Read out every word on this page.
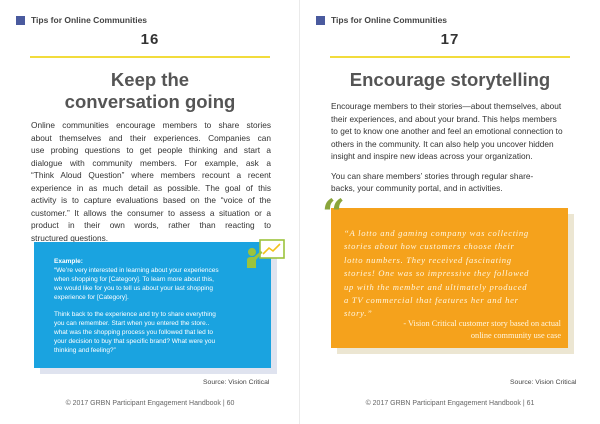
Tips for Online Communities
16
Keep the
conversation going
Online communities encourage members to share stories
about themselves and their experiences. Companies can
use probing questions to get people thinking and start a
dialogue with community members. For example, ask a
“Think Aloud Question” where members recount a recent
experience in as much detail as possible. The goal of this
activity is to capture evaluations based on the “voice of the
customer.” It allows the consumer to assess a situation or a
product in their own words, rather than reacting to
structured questions.
Example:

“We’re very interested in learning about your experiences
when shopping for [Category]. To learn more about this,
we would like for you to tell us about your last shopping
experience for [Category].

Think back to the experience and try to share everything
you can remember. Start when you entered the store..
what was the shopping process you followed that led to
your decision to buy that specific brand? What were you
thinking and feeling?”

Source: Vision Critical
© 2017 GRBN Participant Engagement Handbook | 60
Tips for Online Communities
17
Encourage storytelling
Encourage members to their stories—about themselves, about
their experiences, and about your brand. This helps members
to get to know one another and feel an emotional connection to
others in the community. It can also help you uncover hidden
insight and inspire new ideas across your organization.
You can share members’ stories through regular share-
backs, your community portal, and in activities.
“
“A lotto and gaming company was collecting
stories about how customers choose their
lotto numbers. They received fascinating
stories! One was so impressive they followed
up with the member and ultimately produced
a TV commercial that features her and her
story.”
- Vision Critical customer story based on actual
online community use case
Source: Vision Critical
© 2017 GRBN Participant Engagement Handbook | 61
